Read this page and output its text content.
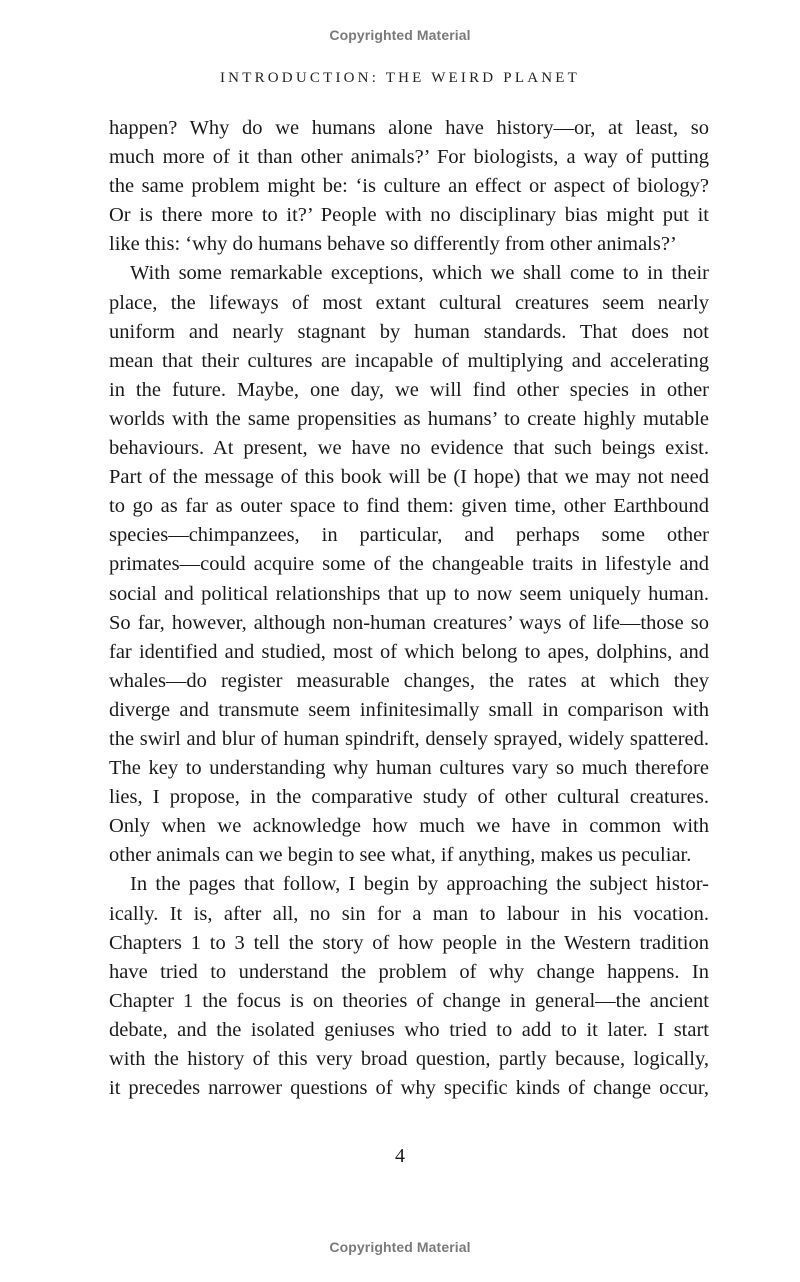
Copyrighted Material
INTRODUCTION: THE WEIRD PLANET

happen? Why do we humans alone have history—or, at least, so
much more of it than other animals?’ For biologists, a way of putting
the same problem might be: ‘is culture an effect or aspect of biology?
Or is there more to it?’ People with no disciplinary bias might put it
like this: ‘why do humans behave so differently from other animals?’

With some remarkable exceptions, which we shall come to in their
place, the lifeways of most extant cultural creatures seem nearly
uniform and nearly stagnant by human standards. That does not
mean that their cultures are incapable of multiplying and accelerating
in the future. Maybe, one day, we will find other species in other
worlds with the same propensities as humans’ to create highly mutable
behaviours. At present, we have no evidence that such beings exist.
Part of the message of this book will be (I hope) that we may not need
to go as far as outer space to find them: given time, other Earthbound
species—chimpanzees, in particular, and perhaps some other
primates—could acquire some of the changeable traits in lifestyle and
social and political relationships that up to now seem uniquely human.
So far, however, although non-human creatures’ ways of life—those so
far identified and studied, most of which belong to apes, dolphins, and
whales—do register measurable changes, the rates at which they
diverge and transmute seem infinitesimally small in comparison with
the swirl and blur of human spindrift, densely sprayed, widely spattered.
The key to understanding why human cultures vary so much therefore
lies, I propose, in the comparative study of other cultural creatures.
Only when we acknowledge how much we have in common with
other animals can we begin to see what, if anything, makes us peculiar.

In the pages that follow, I begin by approaching the subject histor-
ically. It is, after all, no sin for a man to labour in his vocation.
Chapters 1 to 3 tell the story of how people in the Western tradition
have tried to understand the problem of why change happens. In
Chapter 1 the focus is on theories of change in general—the ancient
debate, and the isolated geniuses who tried to add to it later. I start
with the history of this very broad question, partly because, logically,
it precedes narrower questions of why specific kinds of change occur,

4
Copyrighted Material
